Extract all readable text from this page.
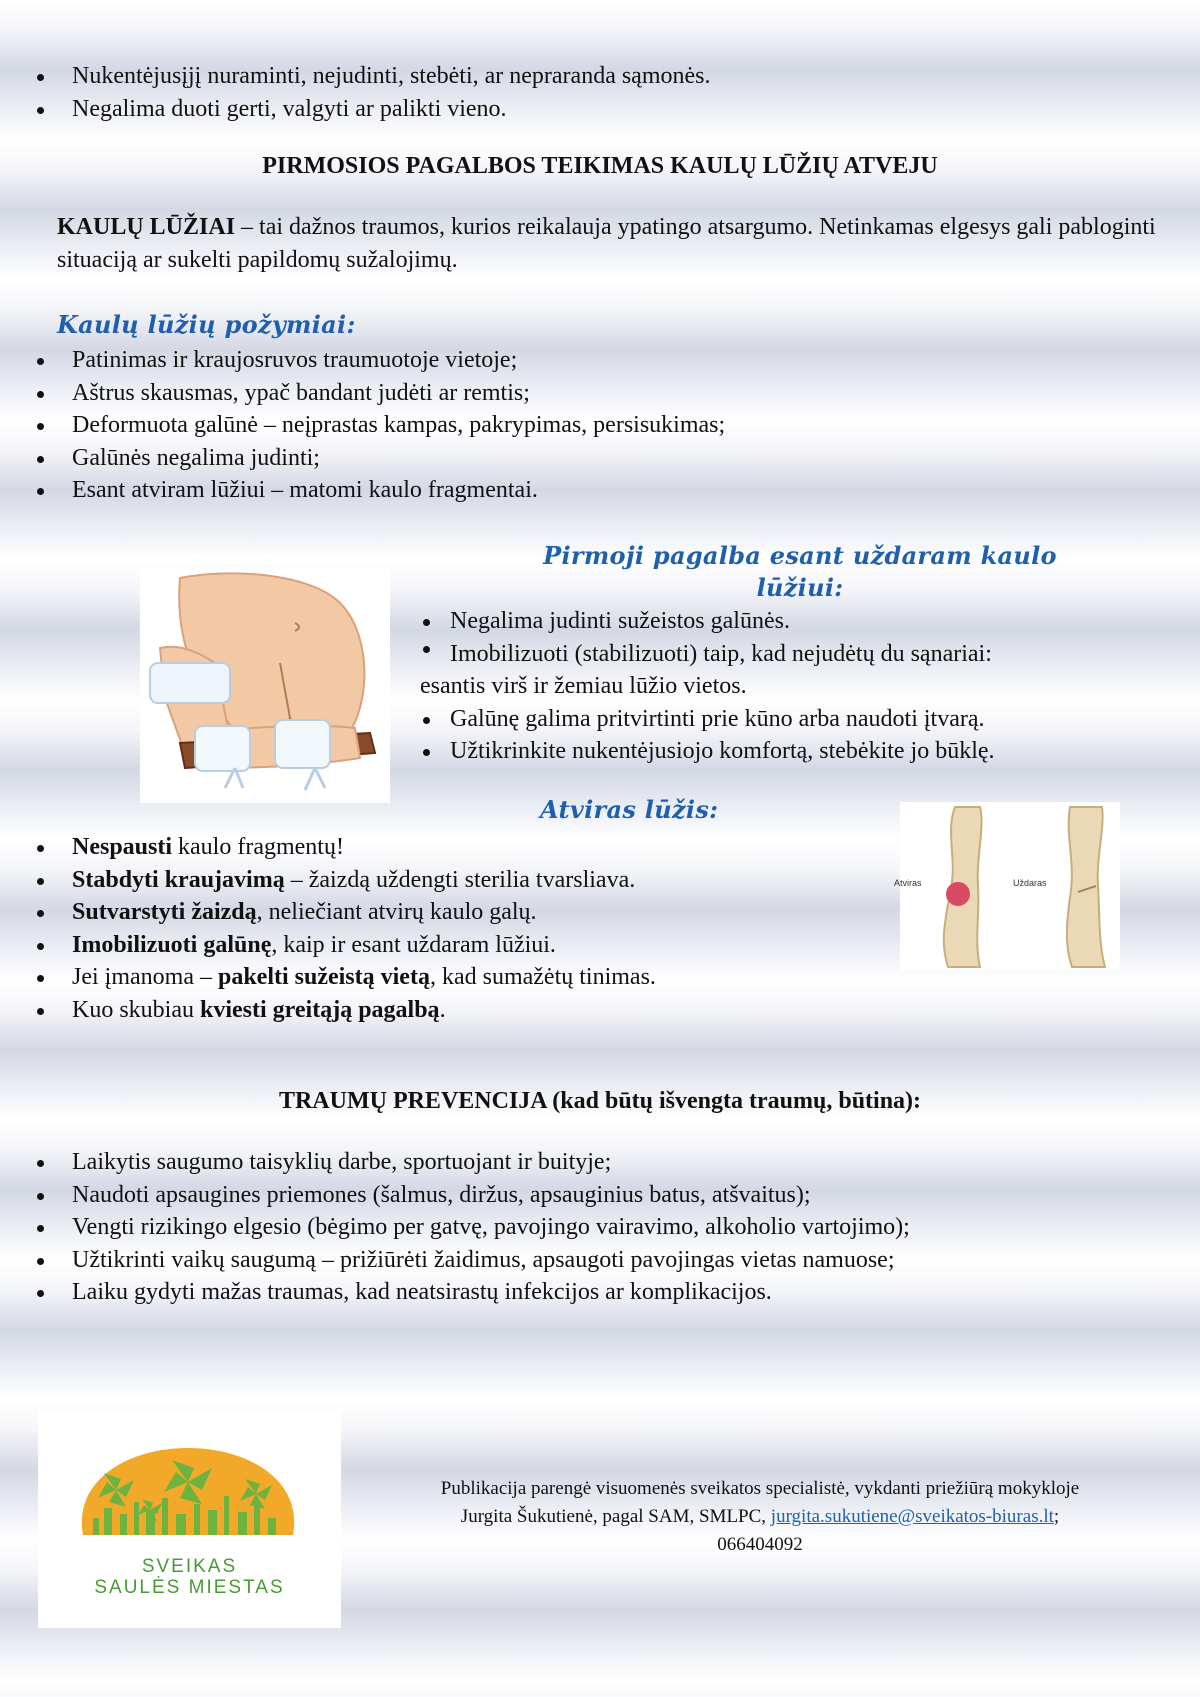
Nukentėjusįjį nuraminti, nejudinti, stebėti, ar nepraranda sąmonės.
Negalima duoti gerti, valgyti ar palikti vieno.
PIRMOSIOS PAGALBOS TEIKIMAS KAULŲ LŪŽIŲ ATVEJU
KAULŲ LŪŽIAI – tai dažnos traumos, kurios reikalauja ypatingo atsargumo. Netinkamas elgesys gali pabloginti situaciją ar sukelti papildomų sužalojimų.
Kaulų lūžių požymiai:
Patinimas ir kraujosruvos traumuotoje vietoje;
Aštrus skausmas, ypač bandant judėti ar remtis;
Deformuota galūnė – neįprastas kampas, pakrypimas, persisukimas;
Galūnės negalima judinti;
Esant atviram lūžiui – matomi kaulo fragmentai.
Pirmoji pagalba esant uždaram kaulo
lūžiui:
Negalima judinti sužeistos galūnės.
Imobilizuoti (stabilizuoti) taip, kad nejudėtų du sąnariai:
esantis virš ir žemiau lūžio vietos.
Galūnę galima pritvirtinti prie kūno arba naudoti įtvarą.
Užtikrinkite nukentėjusiojo komfortą, stebėkite jo būklę.
Atviras lūžis:
Nespausti kaulo fragmentų!
Stabdyti kraujavimą – žaizdą uždengti sterilia tvarsliava.
Sutvarstyti žaizdą, neliečiant atvirų kaulo galų.
Imobilizuoti galūnę, kaip ir esant uždaram lūžiui.
Jei įmanoma – pakelti sužeistą vietą, kad sumažėtų tinimas.
Kuo skubiau kviesti greitąją pagalbą.
Atviras	Uždaras
TRAUMŲ PREVENCIJA (kad būtų išvengta traumų, būtina):
Laikytis saugumo taisyklių darbe, sportuojant ir buityje;
Naudoti apsaugines priemones (šalmus, diržus, apsauginius batus, atšvaitus);
Vengti rizikingo elgesio (bėgimo per gatvę, pavojingo vairavimo, alkoholio vartojimo);
Užtikrinti vaikų saugumą – prižiūrėti žaidimus, apsaugoti pavojingas vietas namuose;
Laiku gydyti mažas traumas, kad neatsirastų infekcijos ar komplikacijos.
SVEIKAS
SAULĖS MIESTAS
Publikacija parengė visuomenės sveikatos specialistė, vykdanti priežiūrą mokykloje
Jurgita Šukutienė, pagal SAM, SMLPC, jurgita.sukutiene@sveikatos-biuras.lt;
066404092
